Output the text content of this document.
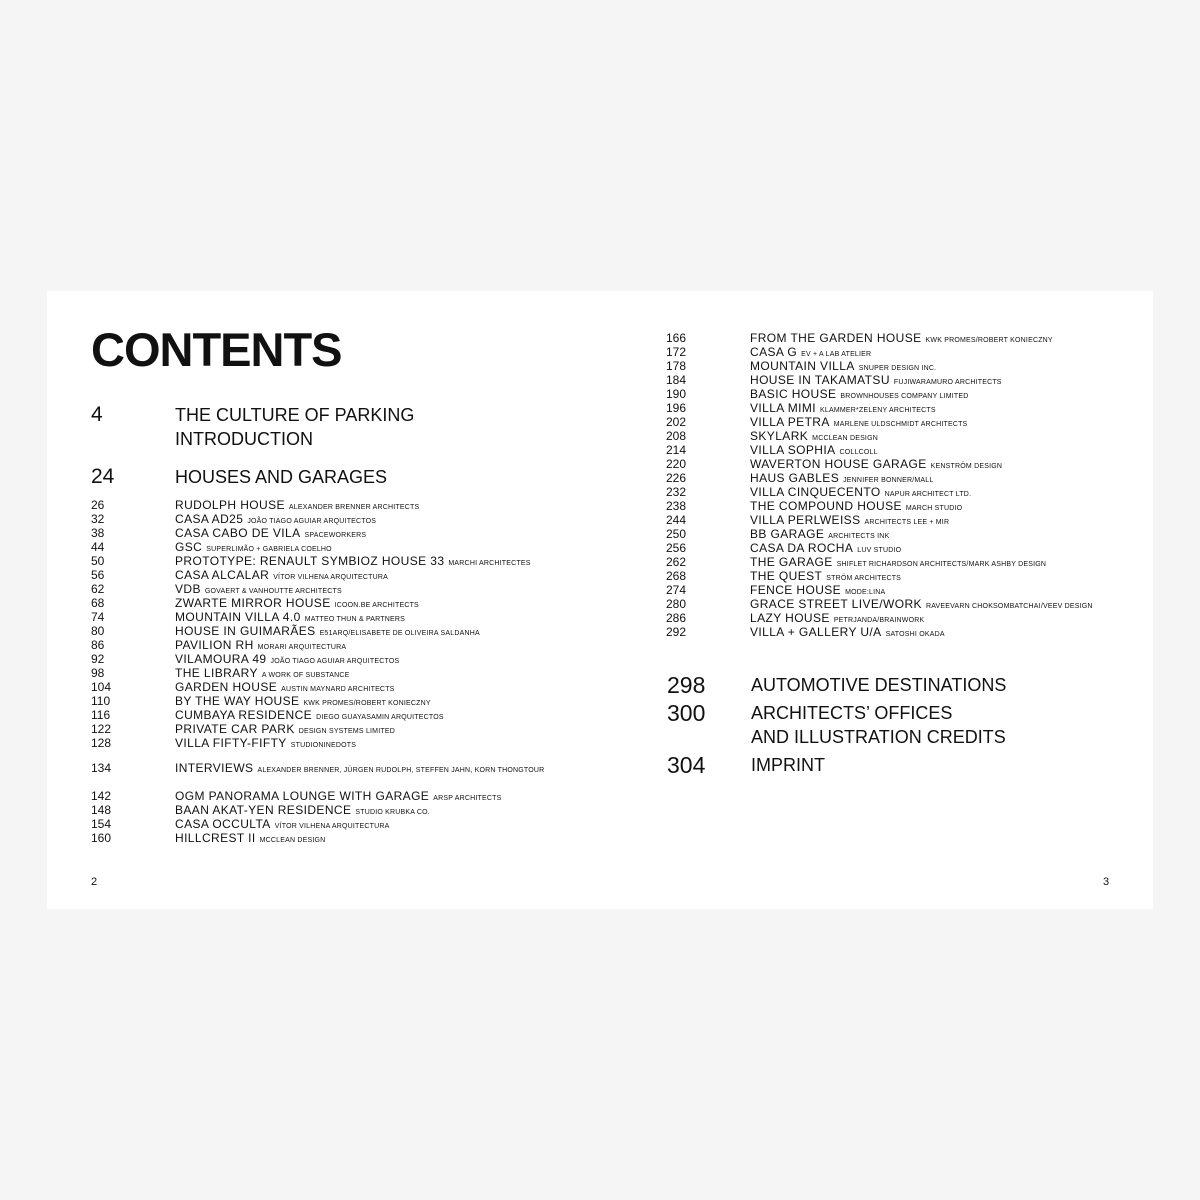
CONTENTS
4	THE CULTURE OF PARKING
INTRODUCTION
24	HOUSES AND GARAGES
26	RUDOLPH HOUSE ALEXANDER BRENNER ARCHITECTS
32	CASA AD25 JOÃO TIAGO AGUIAR ARQUITECTOS
38	CASA CABO DE VILA SPACEWORKERS
44	GSC SUPERLIMÃO + GABRIELA COELHO
50	PROTOTYPE: RENAULT SYMBIOZ HOUSE 33 MARCHI ARCHITECTES
56	CASA ALCALAR VÍTOR VILHENA ARQUITECTURA
62	VDB GOVAERT & VANHOUTTE ARCHITECTS
68	ZWARTE MIRROR HOUSE ICOON.BE ARCHITECTS
74	MOUNTAIN VILLA 4.0 MATTEO THUN & PARTNERS
80	HOUSE IN GUIMARÃES E51ARQ/ELISABETE DE OLIVEIRA SALDANHA
86	PAVILION RH MORARI ARQUITECTURA
92	VILAMOURA 49 JOÃO TIAGO AGUIAR ARQUITECTOS
98	THE LIBRARY A WORK OF SUBSTANCE
104	GARDEN HOUSE AUSTIN MAYNARD ARCHITECTS
110	BY THE WAY HOUSE KWK PROMES/ROBERT KONIECZNY
116	CUMBAYA RESIDENCE DIEGO GUAYASAMIN ARQUITECTOS
122	PRIVATE CAR PARK DESIGN SYSTEMS LIMITED
128	VILLA FIFTY-FIFTY STUDIONINEDOTS
134	INTERVIEWS ALEXANDER BRENNER, JÜRGEN RUDOLPH, STEFFEN JAHN, KORN THONGTOUR
142	OGM PANORAMA LOUNGE WITH GARAGE ARSP ARCHITECTS
148	BAAN AKAT-YEN RESIDENCE STUDIO KRUBKA CO.
154	CASA OCCULTA VÍTOR VILHENA ARQUITECTURA
160	HILLCREST II MCCLEAN DESIGN
2
166	FROM THE GARDEN HOUSE KWK PROMES/ROBERT KONIECZNY
172	CASA G EV + A LAB ATELIER
178	MOUNTAIN VILLA SNUPER DESIGN INC.
184	HOUSE IN TAKAMATSU FUJIWARAMURO ARCHITECTS
190	BASIC HOUSE BROWNHOUSES COMPANY LIMITED
196	VILLA MIMI KLAMMER*ZELENY ARCHITECTS
202	VILLA PETRA MARLENE ULDSCHMIDT ARCHITECTS
208	SKYLARK MCCLEAN DESIGN
214	VILLA SOPHIA COLLCOLL
220	WAVERTON HOUSE GARAGE KENSTRÖM DESIGN
226	HAUS GABLES JENNIFER BONNER/MALL
232	VILLA CINQUECENTO NAPUR ARCHITECT LTD.
238	THE COMPOUND HOUSE MARCH STUDIO
244	VILLA PERLWEISS ARCHITECTS LEE + MIR
250	BB GARAGE ARCHITECTS INK
256	CASA DA ROCHA LUV STUDIO
262	THE GARAGE SHIFLET RICHARDSON ARCHITECTS/MARK ASHBY DESIGN
268	THE QUEST STRÖM ARCHITECTS
274	FENCE HOUSE MODE:LINA
280	GRACE STREET LIVE/WORK RAVEEVARN CHOKSOMBATCHAI/VEEV DESIGN
286	LAZY HOUSE PETRJANDA/BRAINWORK
292	VILLA + GALLERY U/A SATOSHI OKADA
298	AUTOMOTIVE DESTINATIONS
300	ARCHITECTS’ OFFICES
AND ILLUSTRATION CREDITS
304	IMPRINT
3
